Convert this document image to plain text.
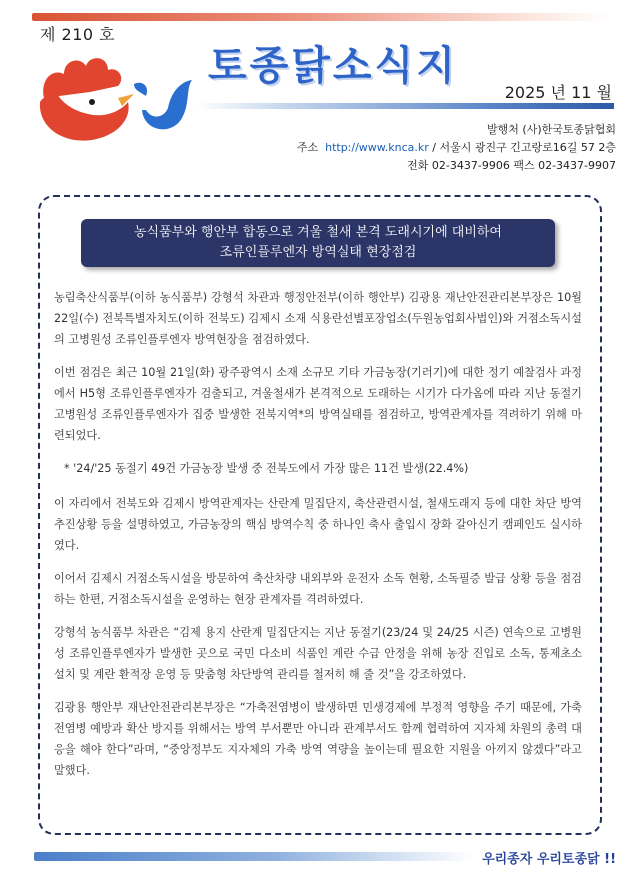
제 210 호
토종닭소식지
2025 년 11 월
발행처 (사)한국토종닭협회
주소 http://www.knca.kr / 서울시 광진구 긴고랑로16길 57 2층
전화 02-3437-9906 팩스 02-3437-9907
농식품부와 행안부 합동으로 겨울 철새 본격 도래시기에 대비하여
조류인플루엔자 방역실태 현장점검

농림축산식품부(이하 농식품부) 강형석 차관과 행정안전부(이하 행안부) 김광용 재난안전관리본부장은 10월 22일(수) 전북특별자치도(이하 전북도) 김제시 소재 식용란선별포장업소(두원농업회사법인)와 거점소독시설의 고병원성 조류인플루엔자 방역현장을 점검하였다.

이번 점검은 최근 10월 21일(화) 광주광역시 소재 소규모 기타 가금농장(기러기)에 대한 정기 예찰검사 과정에서 H5형 조류인플루엔자가 검출되고, 겨울철새가 본격적으로 도래하는 시기가 다가옴에 따라 지난 동절기 고병원성 조류인플루엔자가 집중 발생한 전북지역*의 방역실태를 점검하고, 방역관계자를 격려하기 위해 마련되었다.

* '24/'25 동절기 49건 가금농장 발생 중 전북도에서 가장 많은 11건 발생(22.4%)

이 자리에서 전북도와 김제시 방역관계자는 산란계 밀집단지, 축산관련시설, 철새도래지 등에 대한 차단 방역 추진상황 등을 설명하였고, 가금농장의 핵심 방역수칙 중 하나인 축사 출입시 장화 갈아신기 캠페인도 실시하였다.

이어서 김제시 거점소독시설을 방문하여 축산차량 내외부와 운전자 소독 현황, 소독필증 발급 상황 등을 점검하는 한편, 거점소독시설을 운영하는 현장 관계자를 격려하였다.

강형석 농식품부 차관은 “김제 용지 산란계 밀집단지는 지난 동절기(23/24 및 24/25 시즌) 연속으로 고병원성 조류인플루엔자가 발생한 곳으로 국민 다소비 식품인 계란 수급 안정을 위해 농장 진입로 소독, 통제초소 설치 및 계란 환적장 운영 등 맞춤형 차단방역 관리를 철저히 해 줄 것”을 강조하였다.

김광용 행안부 재난안전관리본부장은 “가축전염병이 발생하면 민생경제에 부정적 영향을 주기 때문에, 가축전염병 예방과 확산 방지를 위해서는 방역 부서뿐만 아니라 관계부서도 함께 협력하여 지자체 차원의 총력 대응을 해야 한다”라며, “중앙정부도 지자체의 가축 방역 역량을 높이는데 필요한 지원을 아끼지 않겠다”라고 말했다.

우리종자 우리토종닭 !!
